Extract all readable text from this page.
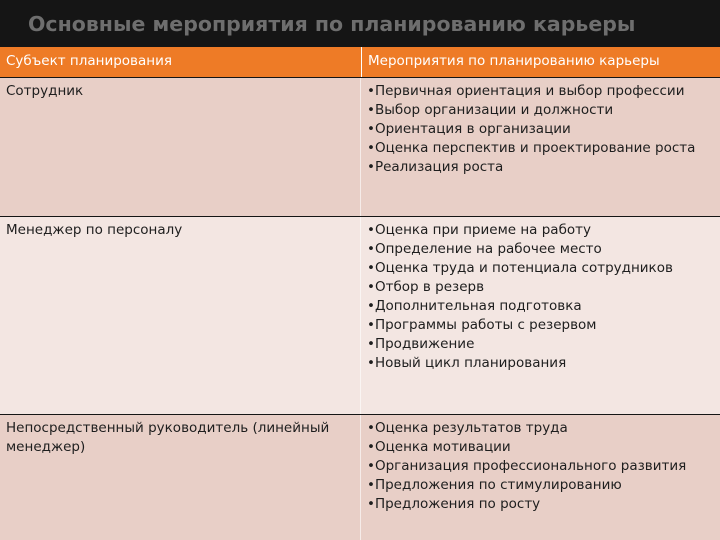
Основные мероприятия по планированию карьеры
Субъект планирования	Мероприятия по планированию карьеры
Сотрудник	•Первичная ориентация и выбор профессии
•Выбор организации и должности
•Ориентация в организации
•Оценка перспектив и проектирование роста
•Реализация роста
Менеджер по персоналу	•Оценка при приеме на работу
•Определение на рабочее место
•Оценка труда и потенциала сотрудников
•Отбор в резерв
•Дополнительная подготовка
•Программы работы с резервом
•Продвижение
•Новый цикл планирования
Непосредственный руководитель (линейный менеджер)
•Оценка результатов труда
•Оценка мотивации
•Организация профессионального развития
•Предложения по стимулированию
•Предложения по росту
